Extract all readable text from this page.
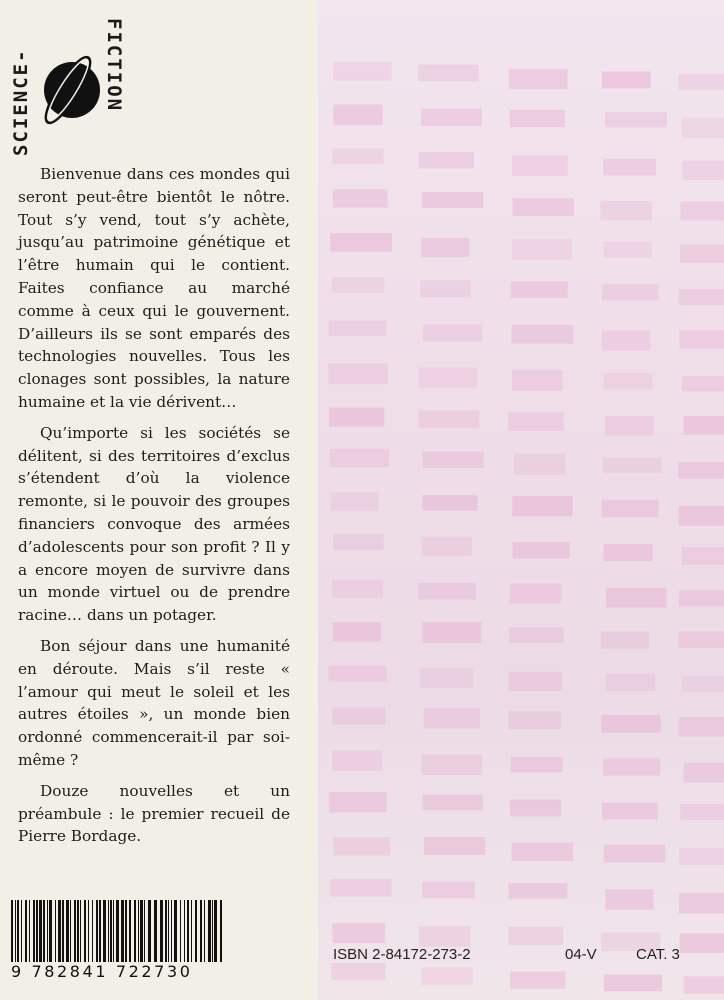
SCIENCE-	FICTION

Bienvenue dans ces mondes qui seront peut-être bientôt le nôtre. Tout s’y vend, tout s’y achète, jusqu’au patrimoine génétique et l’être humain qui le contient. Faites confiance au marché comme à ceux qui le gouvernent. D’ailleurs ils se sont emparés des technologies nouvelles. Tous les clonages sont possibles, la nature humaine et la vie dérivent…

Qu’importe si les sociétés se délitent, si des territoires d’exclus s’étendent d’où la violence remonte, si le pouvoir des groupes financiers convoque des armées d’adolescents pour son profit ? Il y a encore moyen de survivre dans un monde virtuel ou de prendre racine… dans un potager.

Bon séjour dans une humanité en déroute. Mais s’il reste « l’amour qui meut le soleil et les autres étoiles », un monde bien ordonné commencerait-il par soi-même ?

Douze nouvelles et un préambule : le premier recueil de Pierre Bordage.

9 782841 722730
ISBN 2-84172-273-2	04-V	CAT. 3
